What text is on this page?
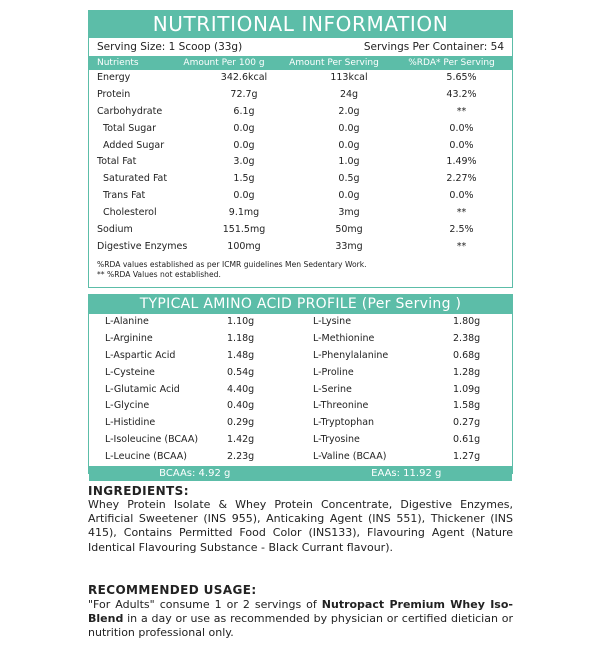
NUTRITIONAL INFORMATION
Serving Size: 1 Scoop (33g)	Servings Per Container: 54
Nutrients	Amount Per 100 g	Amount Per Serving	%RDA* Per Serving
Energy	342.6kcal	113kcal	5.65%
Protein	72.7g	24g	43.2%
Carbohydrate	6.1g	2.0g	**
Total Sugar	0.0g	0.0g	0.0%
Added Sugar	0.0g	0.0g	0.0%
Total Fat	3.0g	1.0g	1.49%
Saturated Fat	1.5g	0.5g	2.27%
Trans Fat	0.0g	0.0g	0.0%
Cholesterol	9.1mg	3mg	**
Sodium	151.5mg	50mg	2.5%
Digestive Enzymes	100mg	33mg	**
%RDA values established as per ICMR guidelines Men Sedentary Work.
** %RDA Values not established.
TYPICAL AMINO ACID PROFILE (Per Serving )
L-Alanine	1.10g	L-Lysine	1.80g
L-Arginine	1.18g	L-Methionine	2.38g
L-Aspartic Acid	1.48g	L-Phenylalanine	0.68g
L-Cysteine	0.54g	L-Proline	1.28g
L-Glutamic Acid	4.40g	L-Serine	1.09g
L-Glycine	0.40g	L-Threonine	1.58g
L-Histidine	0.29g	L-Tryptophan	0.27g
L-Isoleucine (BCAA)	1.42g	L-Tryosine	0.61g
L-Leucine (BCAA)	2.23g	L-Valine (BCAA)	1.27g
BCAAs: 4.92 g	EAAs: 11.92 g
INGREDIENTS:

Whey Protein Isolate & Whey Protein Concentrate, Digestive Enzymes, Artificial Sweetener (INS 955), Anticaking Agent (INS 551), Thickener (INS 415), Contains Permitted Food Color (INS133), Flavouring Agent (Nature Identical Flavouring Substance - Black Currant flavour).

RECOMMENDED USAGE:

"For Adults" consume 1 or 2 servings of Nutropact Premium Whey Iso-Blend in a day or use as recommended by physician or certified dietician or nutrition professional only.
